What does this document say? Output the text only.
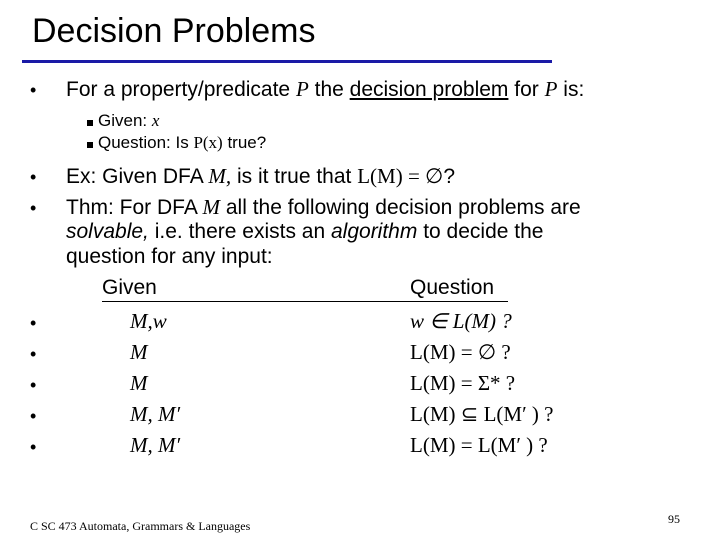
Decision Problems
• For a property/predicate P the decision problem for P is:
Given: x
Question: Is P(x) true?
• Ex: Given DFA M, is it true that L(M) = ∅?
• Thm: For DFA M all the following decision problems are
solvable, i.e. there exists an algorithm to decide the
question for any input:
Given	Question
•	M,w	w ∈ L(M) ?
•	M	L(M) = ∅ ?
•	M	L(M) = Σ* ?
•	M, M′	L(M) ⊆ L(M′ ) ?
•	M, M′	L(M) = L(M′ ) ?
C SC 473 Automata, Grammars & Languages	95
